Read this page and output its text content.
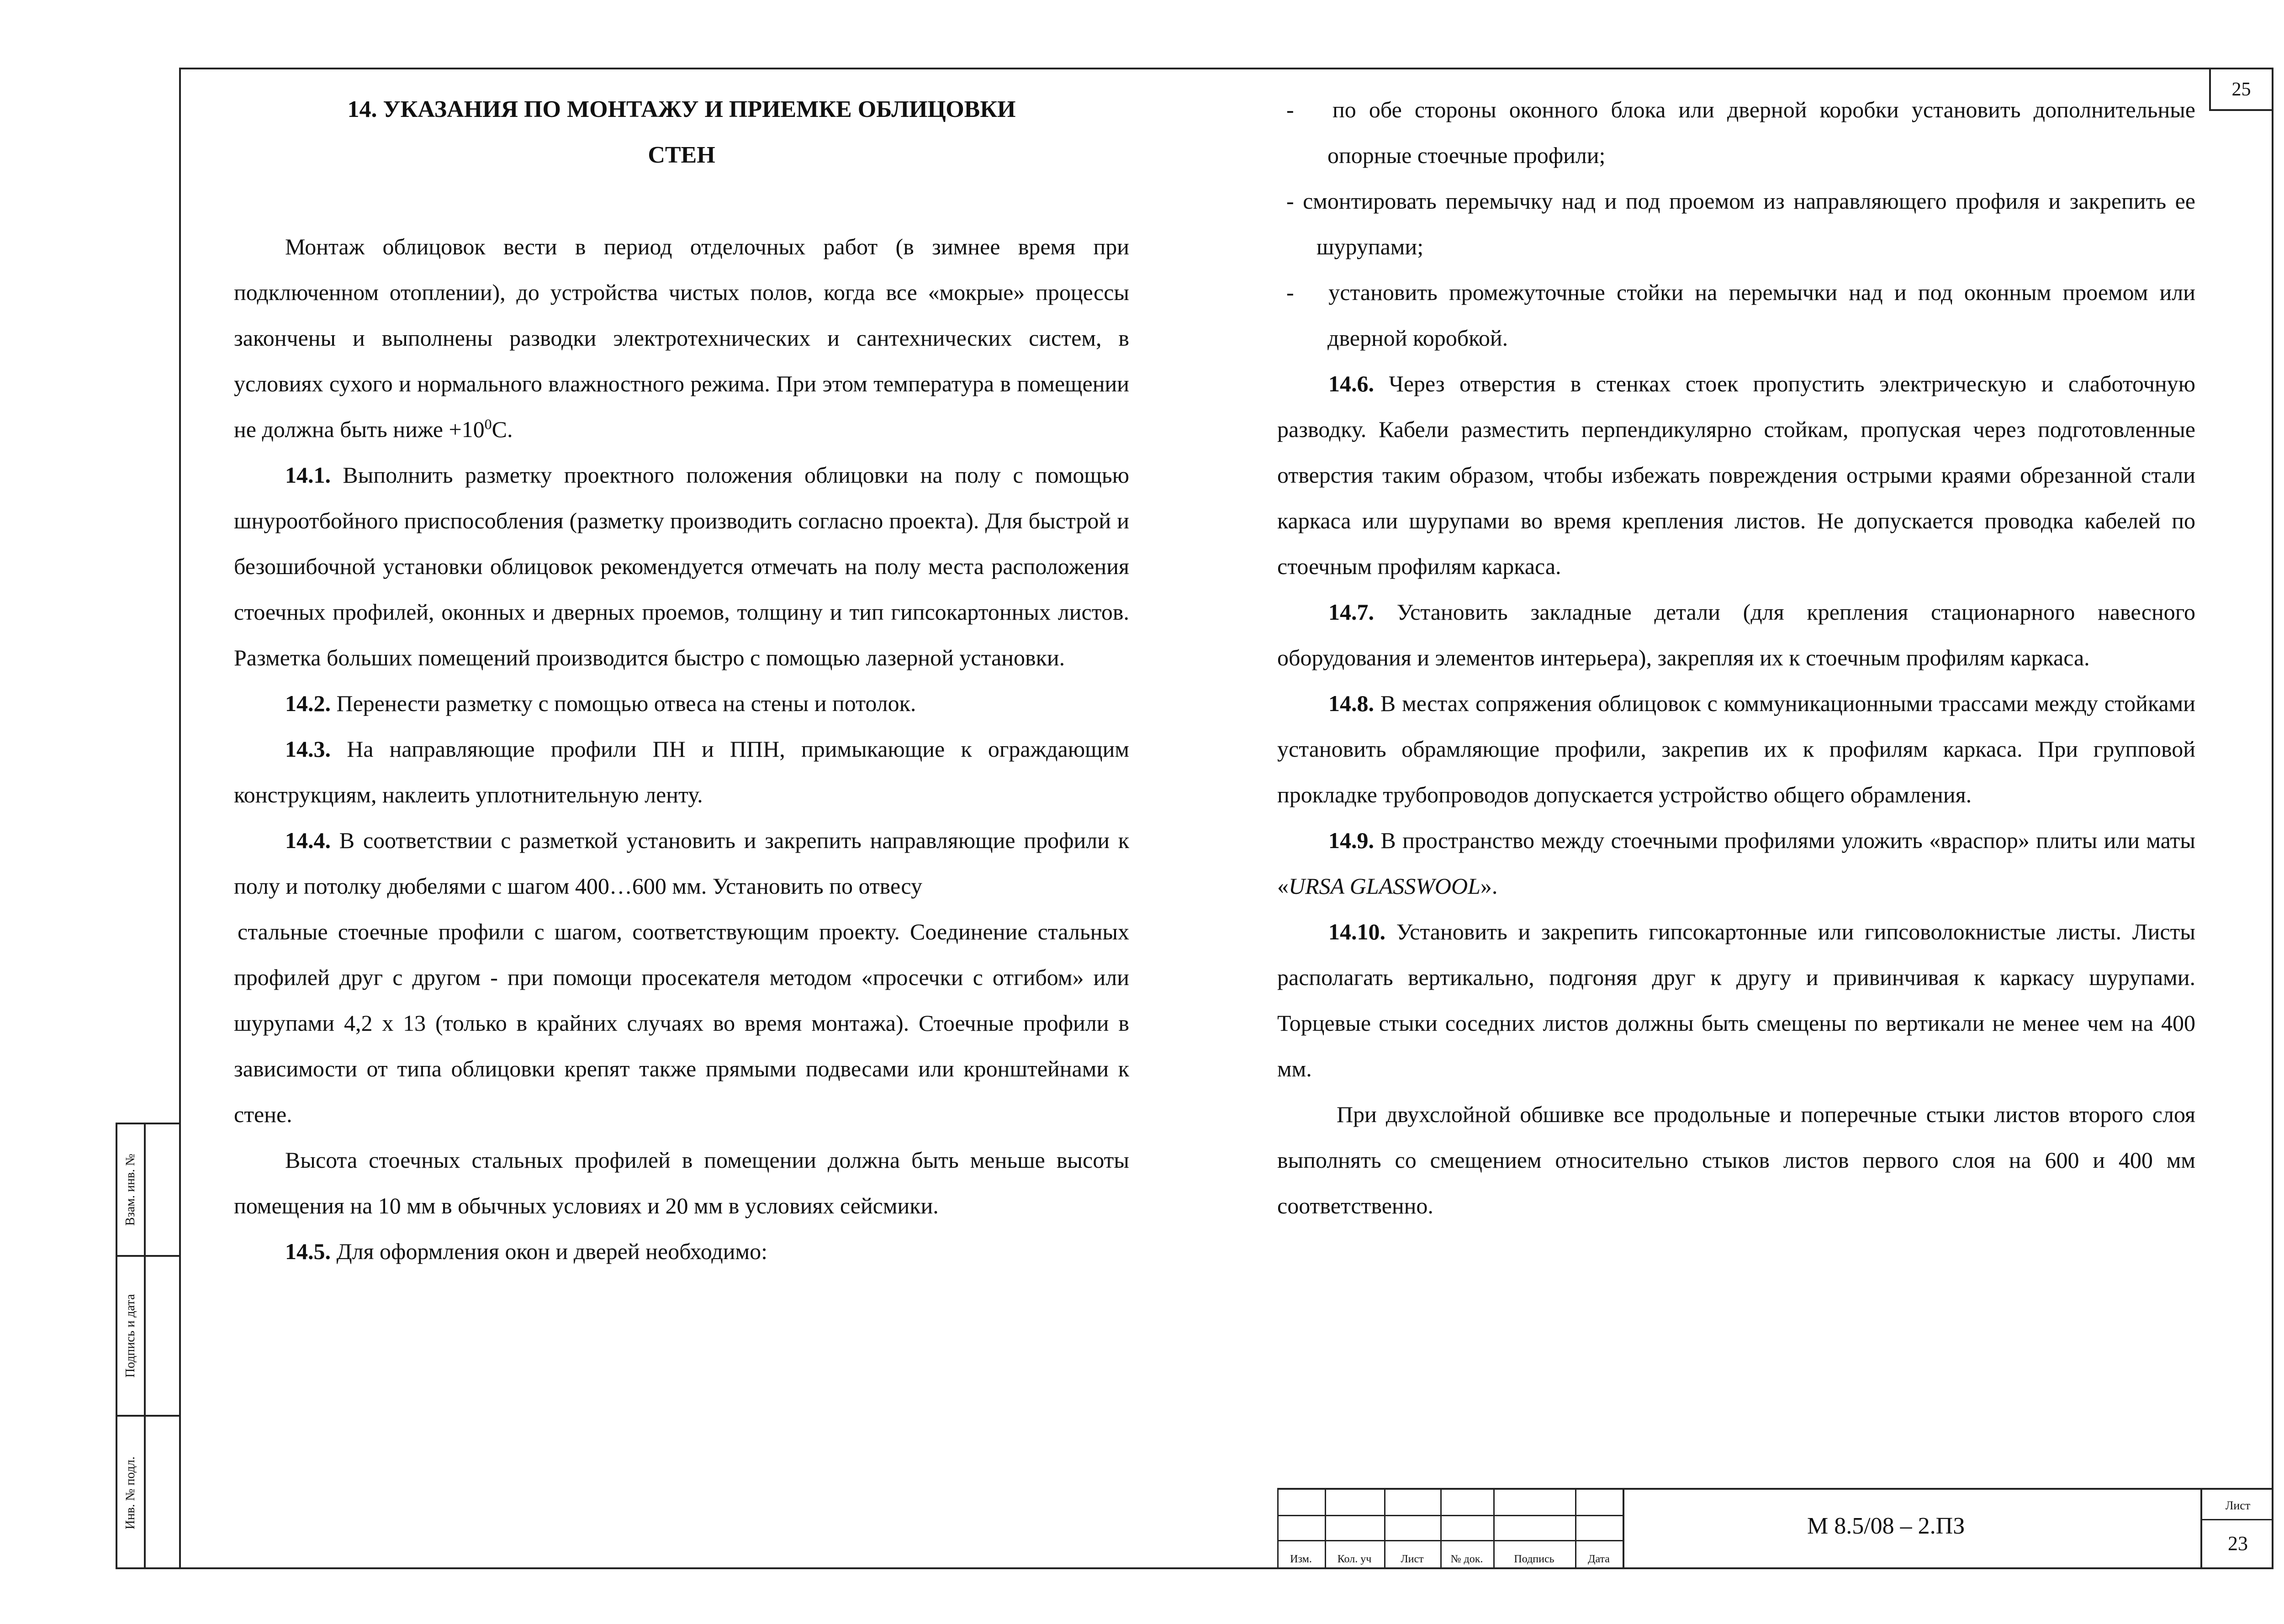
25
Взам. инв. №
Подпись и дата
Инв. № подл.

14. УКАЗАНИЯ ПО МОНТАЖУ И ПРИЕМКЕ ОБЛИЦОВКИ

СТЕН

Монтаж облицовок вести в период отделочных работ (в зимнее время при подключенном отоплении), до устройства чистых полов, когда все «мокрые» процессы закончены и выполнены разводки электротехнических и сантехнических систем, в условиях сухого и нормального влажностного режима. При этом температура в помещении не должна быть ниже $+10^0С$.

14.1. Выполнить разметку проектного положения облицовки на полу с помощью шнуроотбойного приспособления (разметку производить согласно проекта). Для быстрой и безошибочной установки облицовок рекомендуется отмечать на полу места расположения стоечных профилей, оконных и дверных проемов, толщину и тип гипсокартонных листов. Разметка больших помещений производится быстро с помощью лазерной установки.

14.2. Перенести разметку с помощью отвеса на стены и потолок.

14.3. На направляющие профили ПН и ППН, примыкающие к ограждающим конструкциям, наклеить уплотнительную ленту.

14.4. В соответствии с разметкой установить и закрепить направляющие профили к полу и потолку дюбелями с шагом 400…600 мм. Установить по отвесу

стальные стоечные профили с шагом, соответствующим проекту. Соединение стальных профилей друг с другом - при помощи просекателя методом «просечки с отгибом» или шурупами 4,2 х 13 (только в крайних случаях во время монтажа). Стоечные профили в зависимости от типа облицовки крепят также прямыми подвесами или кронштейнами к стене.

Высота стоечных стальных профилей в помещении должна быть меньше высоты помещения на 10 мм в обычных условиях и 20 мм в условиях сейсмики.

14.5. Для оформления окон и дверей необходимо:

-   по обе стороны оконного блока или дверной коробки установить дополнительные опорные стоечные профили;

- смонтировать перемычку над и под проемом из направляющего профиля и закрепить ее шурупами;

-   установить промежуточные стойки на перемычки над и под оконным проемом или дверной коробкой.

14.6. Через отверстия в стенках стоек пропустить электрическую и слаботочную разводку. Кабели разместить перпендикулярно стойкам, пропуская через подготовленные отверстия таким образом, чтобы избежать повреждения острыми краями обрезанной стали каркаса или шурупами во время крепления листов. Не допускается проводка кабелей по стоечным профилям каркаса.

14.7. Установить закладные детали (для крепления стационарного навесного оборудования и элементов интерьера), закрепляя их к стоечным профилям каркаса.

14.8. В местах сопряжения облицовок с коммуникационными трассами между стойками установить обрамляющие профили, закрепив их к профилям каркаса. При групповой прокладке трубопроводов допускается устройство общего обрамления.

14.9. В пространство между стоечными профилями уложить «враспор» плиты или маты «URSA GLASSWOOL».

14.10. Установить и закрепить гипсокартонные или гипсоволокнистые листы. Листы располагать вертикально, подгоняя друг к другу и привинчивая к каркасу шурупами. Торцевые стыки соседних листов должны быть смещены по вертикали не менее чем на 400 мм.

При двухслойной обшивке все продольные и поперечные стыки листов второго слоя выполнять со смещением относительно стыков листов первого слоя на 600 и 400 мм соответственно.

Изм.	Кол. уч	Лист	№ док.	Подпись	Дата
М 8.5/08 – 2.ПЗ
Лист
23
